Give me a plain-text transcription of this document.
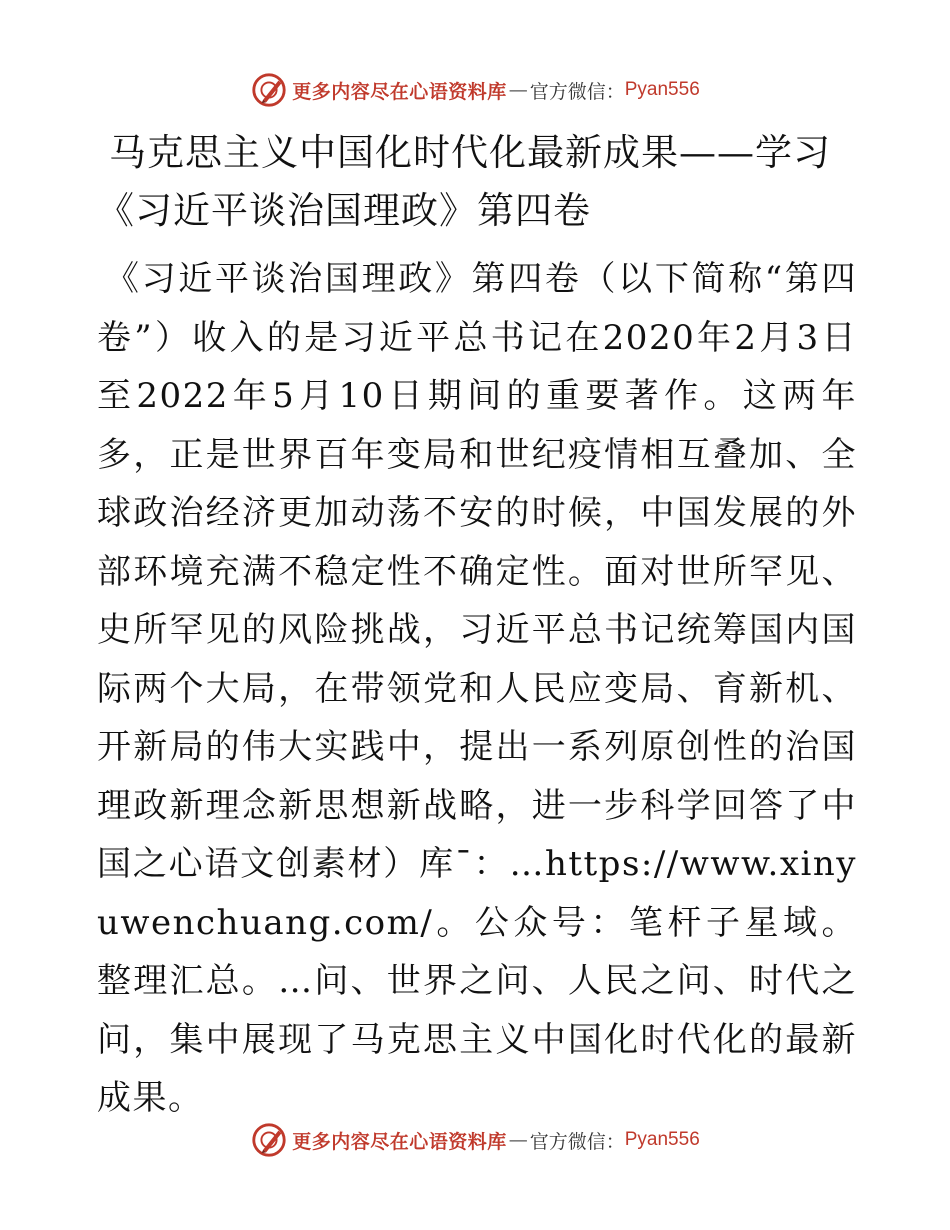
更多内容尽在心语资料库 — 官方微信： Pyan556
马克思主义中国化时代化最新成果——学习《习近平谈治国理政》第四卷

《习近平谈治国理政》第四卷（以下简称“第四卷”）收入的是习近平总书记在2020年2月3日至2022年5月10日期间的重要著作。这两年多，正是世界百年变局和世纪疫情相互叠加、全球政治经济更加动荡不安的时候，中国发展的外部环境充满不稳定性不确定性。面对世所罕见、史所罕见的风险挑战，习近平总书记统筹国内国际两个大局，在带领党和人民应变局、育新机、开新局的伟大实践中，提出一系列原创性的治国理政新理念新思想新战略，进一步科学回答了中国之心语文创素材）库¯：…https://www.xinyuwenchuang.com/。公众号：笔杆子星域。整理汇总。…问、世界之问、人民之问、时代之问，集中展现了马克思主义中国化时代化的最新成果。

更多内容尽在心语资料库 — 官方微信： Pyan556
